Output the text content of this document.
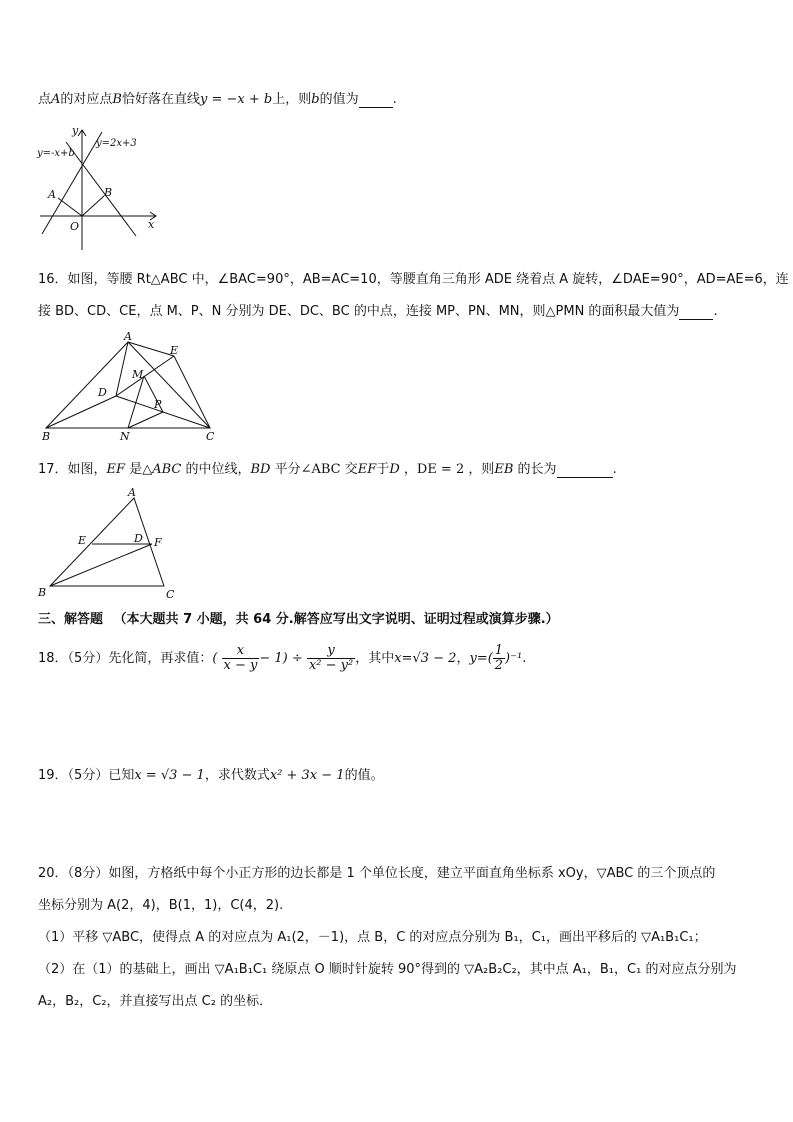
点A的对应点B恰好落在直线y = −x + b上，则b的值为	.
y
x
O
A	B
y=-x+b
y=2x+3
16．如图，等腰 Rt△ABC 中，∠BAC=90°，AB=AC=10，等腰直角三角形 ADE 绕着点 A 旋转，∠DAE=90°，AD=AE=6，连
接 BD、CD、CE，点 M、P、N 分别为 DE、DC、BC 的中点，连接 MP、PN、MN，则△PMN 的面积最大值为	.
A
E
M
D
P
B	N	C
17．如图，EF 是△ABC 的中位线，BD 平分∠ABC 交EF于D ，DE = 2 ，则EB 的长为	.
A
E	D F
B	C
三、解答题 （本大题共 7 小题，共 64 分.解答应写出文字说明、证明过程或演算步骤.）
18．（5分）先化简，再求值：( $\frac{x}{x - y} - 1) \div \frac{y}{\text{x² − y²}}$ ，其中x=√3 − 2，$y=( \frac{1}{2} )^{-1}$.
19．（5分）已知x = √3 − 1，求代数式x² + 3x − 1的值。
20．（8分）如图，方格纸中每个小正方形的边长都是 1 个单位长度，建立平面直角坐标系 xOy，▽ABC 的三个顶点的
坐标分别为 A(2，4)，B(1，1)，C(4，2).
（1）平移 ▽ABC，使得点 A 的对应点为 A₁(2，－1)，点 B，C 的对应点分别为 B₁，C₁，画出平移后的 ▽A₁B₁C₁；
（2）在（1）的基础上，画出 ▽A₁B₁C₁ 绕原点 O 顺时针旋转 90°得到的 ▽A₂B₂C₂，其中点 A₁，B₁，C₁ 的对应点分别为
A₂，B₂，C₂，并直接写出点 C₂ 的坐标．
